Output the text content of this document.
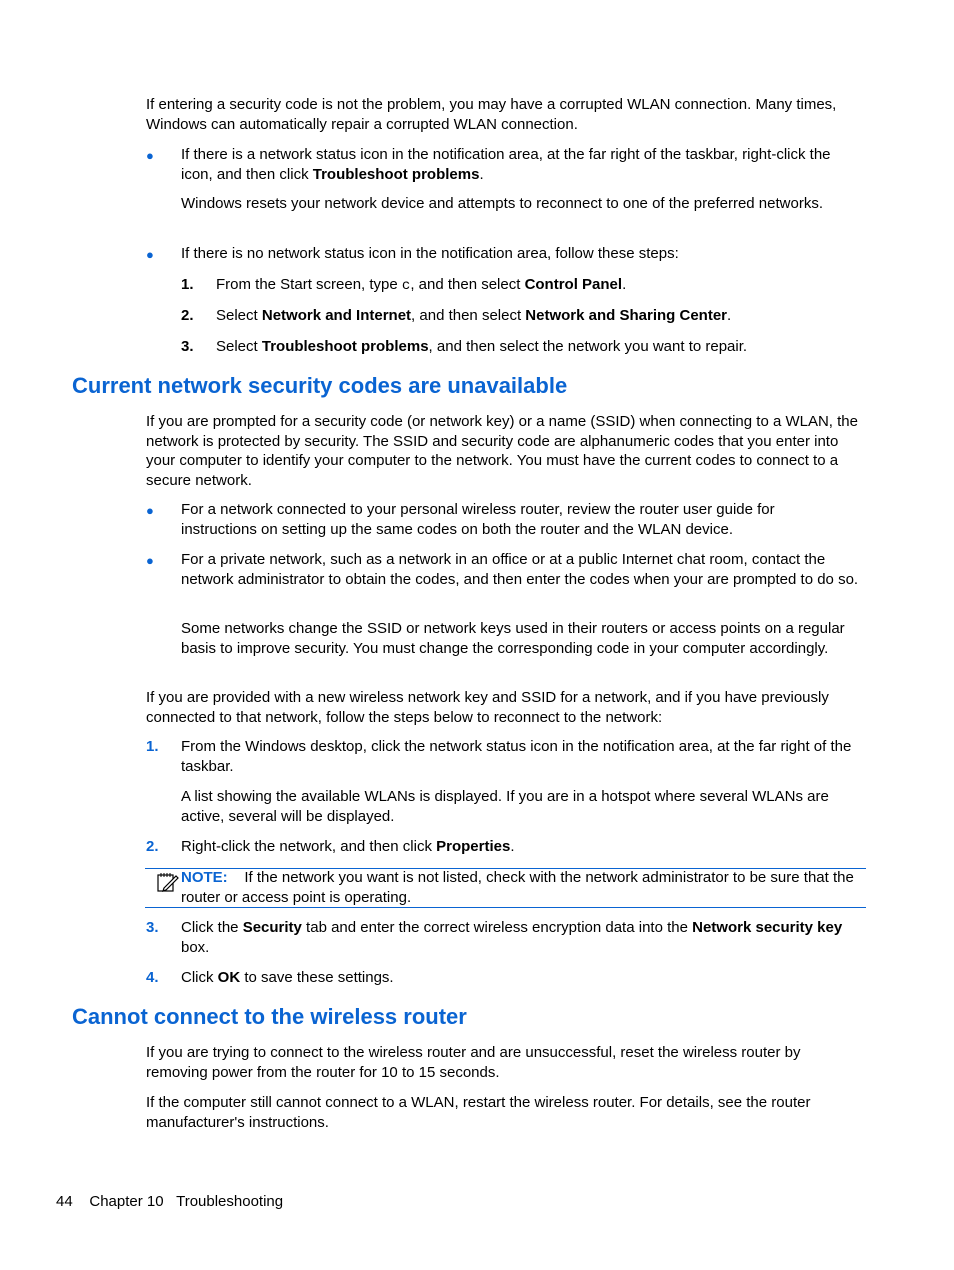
If entering a security code is not the problem, you may have a corrupted WLAN connection. Many times, Windows can automatically repair a corrupted WLAN connection.

● If there is a network status icon in the notification area, at the far right of the taskbar, right-click the icon, and then click Troubleshoot problems.

Windows resets your network device and attempts to reconnect to one of the preferred networks.

● If there is no network status icon in the notification area, follow these steps:

1. From the Start screen, type c, and then select Control Panel.

2. Select Network and Internet, and then select Network and Sharing Center.

3. Select Troubleshoot problems, and then select the network you want to repair.

Current network security codes are unavailable

If you are prompted for a security code (or network key) or a name (SSID) when connecting to a WLAN, the network is protected by security. The SSID and security code are alphanumeric codes that you enter into your computer to identify your computer to the network. You must have the current codes to connect to a secure network.

● For a network connected to your personal wireless router, review the router user guide for instructions on setting up the same codes on both the router and the WLAN device.

● For a private network, such as a network in an office or at a public Internet chat room, contact the network administrator to obtain the codes, and then enter the codes when your are prompted to do so.

Some networks change the SSID or network keys used in their routers or access points on a regular basis to improve security. You must change the corresponding code in your computer accordingly.

If you are provided with a new wireless network key and SSID for a network, and if you have previously connected to that network, follow the steps below to reconnect to the network:

1. From the Windows desktop, click the network status icon in the notification area, at the far right of the taskbar.

A list showing the available WLANs is displayed. If you are in a hotspot where several WLANs are active, several will be displayed.

2. Right-click the network, and then click Properties.

NOTE: If the network you want is not listed, check with the network administrator to be sure that the router or access point is operating.

3. Click the Security tab and enter the correct wireless encryption data into the Network security key box.

4. Click OK to save these settings.

Cannot connect to the wireless router

If you are trying to connect to the wireless router and are unsuccessful, reset the wireless router by removing power from the router for 10 to 15 seconds.

If the computer still cannot connect to a WLAN, restart the wireless router. For details, see the router manufacturer's instructions.

44 Chapter 10 Troubleshooting
